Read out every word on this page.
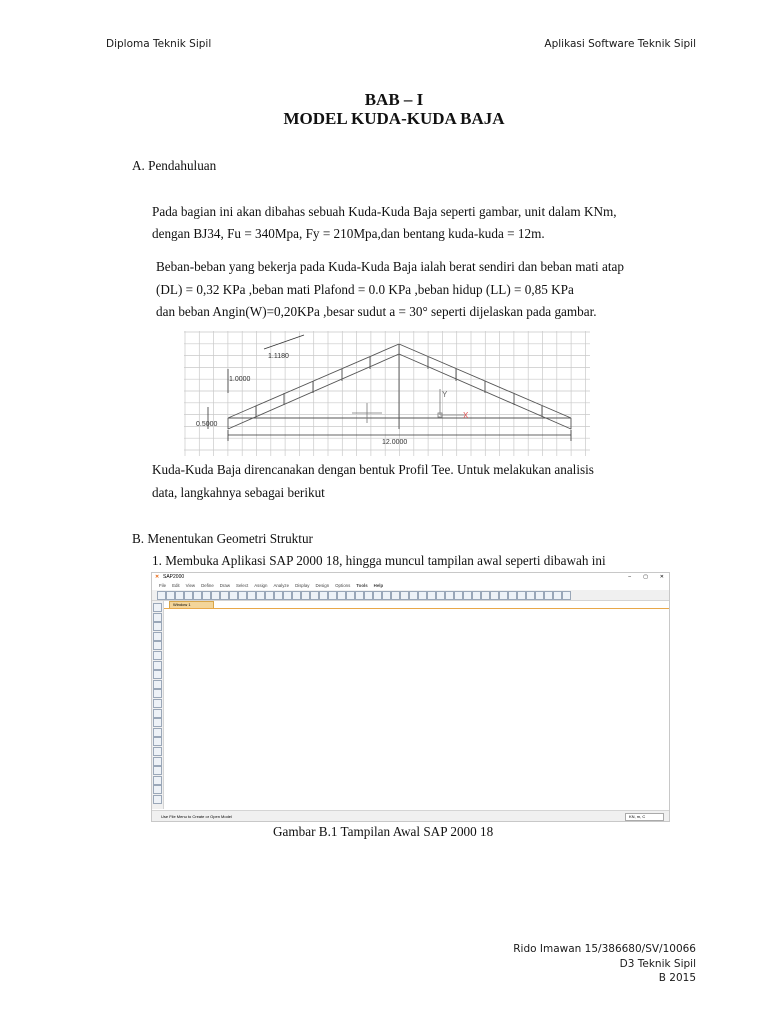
Diploma Teknik Sipil	Aplikasi Software Teknik Sipil
BAB – I
MODEL KUDA-KUDA BAJA
A. Pendahuluan
Pada bagian ini akan dibahas sebuah Kuda-Kuda Baja seperti gambar, unit dalam KNm,
dengan BJ34, Fu = 340Mpa, Fy = 210Mpa,dan bentang kuda-kuda = 12m.
Beban-beban yang bekerja pada Kuda-Kuda Baja ialah berat sendiri dan beban mati atap
(DL) = 0,32 KPa ,beban mati Plafond = 0.0 KPa ,beban hidup (LL) = 0,85 KPa
dan beban Angin(W)=0,20KPa ,besar sudut a = 30° seperti dijelaskan pada gambar.
12.0000
0.5000
1.0000
1.1180
Y
X
Kuda-Kuda Baja direncanakan dengan bentuk Profil Tee. Untuk melakukan analisis
data, langkahnya sebagai berikut
B. Menentukan Geometri Struktur
1. Membuka Aplikasi SAP 2000 18, hingga muncul tampilan awal seperti dibawah ini
✕ SAP2000	– ▢ ✕
File Edit View Define Draw Select Assign Analyze Display Design Options Tools Help
Window 1
Use File Menu to Create or Open Model	KN, m, C
Gambar B.1 Tampilan Awal SAP 2000 18
Rido Imawan 15/386680/SV/10066
D3 Teknik Sipil
B 2015
